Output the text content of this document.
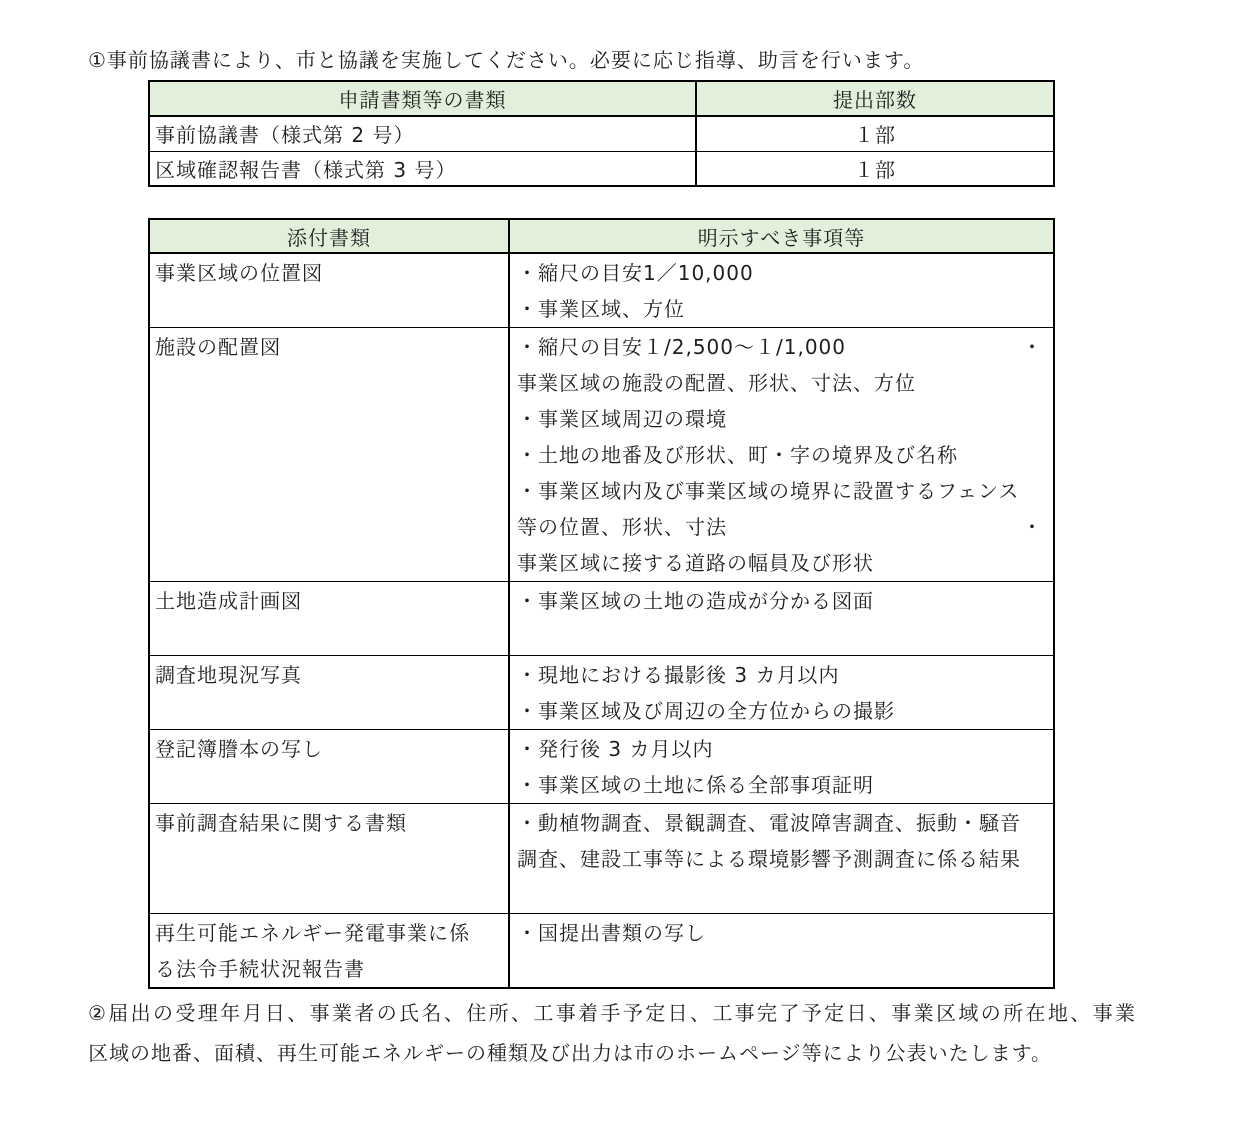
①事前協議書により、市と協議を実施してください。必要に応じ指導、助言を行います。
申請書類等の書類	提出部数
事前協議書（様式第 2 号）	１部
区域確認報告書（様式第 3 号）	１部
添付書類	明示すべき事項等

事業区域の位置図	・縮尺の目安1／10,000
・事業区域、方位

施設の配置図	・縮尺の目安１/2,500～１/1,000	・
事業区域の施設の配置、形状、寸法、方位
・事業区域周辺の環境
・土地の地番及び形状、町・字の境界及び名称
・事業区域内及び事業区域の境界に設置するフェンス
等の位置、形状、寸法	・
事業区域に接する道路の幅員及び形状

土地造成計画図	・事業区域の土地の造成が分かる図面

調査地現況写真	・現地における撮影後 3 カ月以内
・事業区域及び周辺の全方位からの撮影

登記簿謄本の写し	・発行後 3 カ月以内
・事業区域の土地に係る全部事項証明

事前調査結果に関する書類	・動植物調査、景観調査、電波障害調査、振動・騒音
調査、建設工事等による環境影響予測調査に係る結果

再生可能エネルギー発電事業に係
る法令手続状況報告書	・国提出書類の写し
②届出の受理年月日、事業者の氏名、住所、工事着手予定日、工事完了予定日、事業区域の所在地、事業
区域の地番、面積、再生可能エネルギーの種類及び出力は市のホームページ等により公表いたします。
